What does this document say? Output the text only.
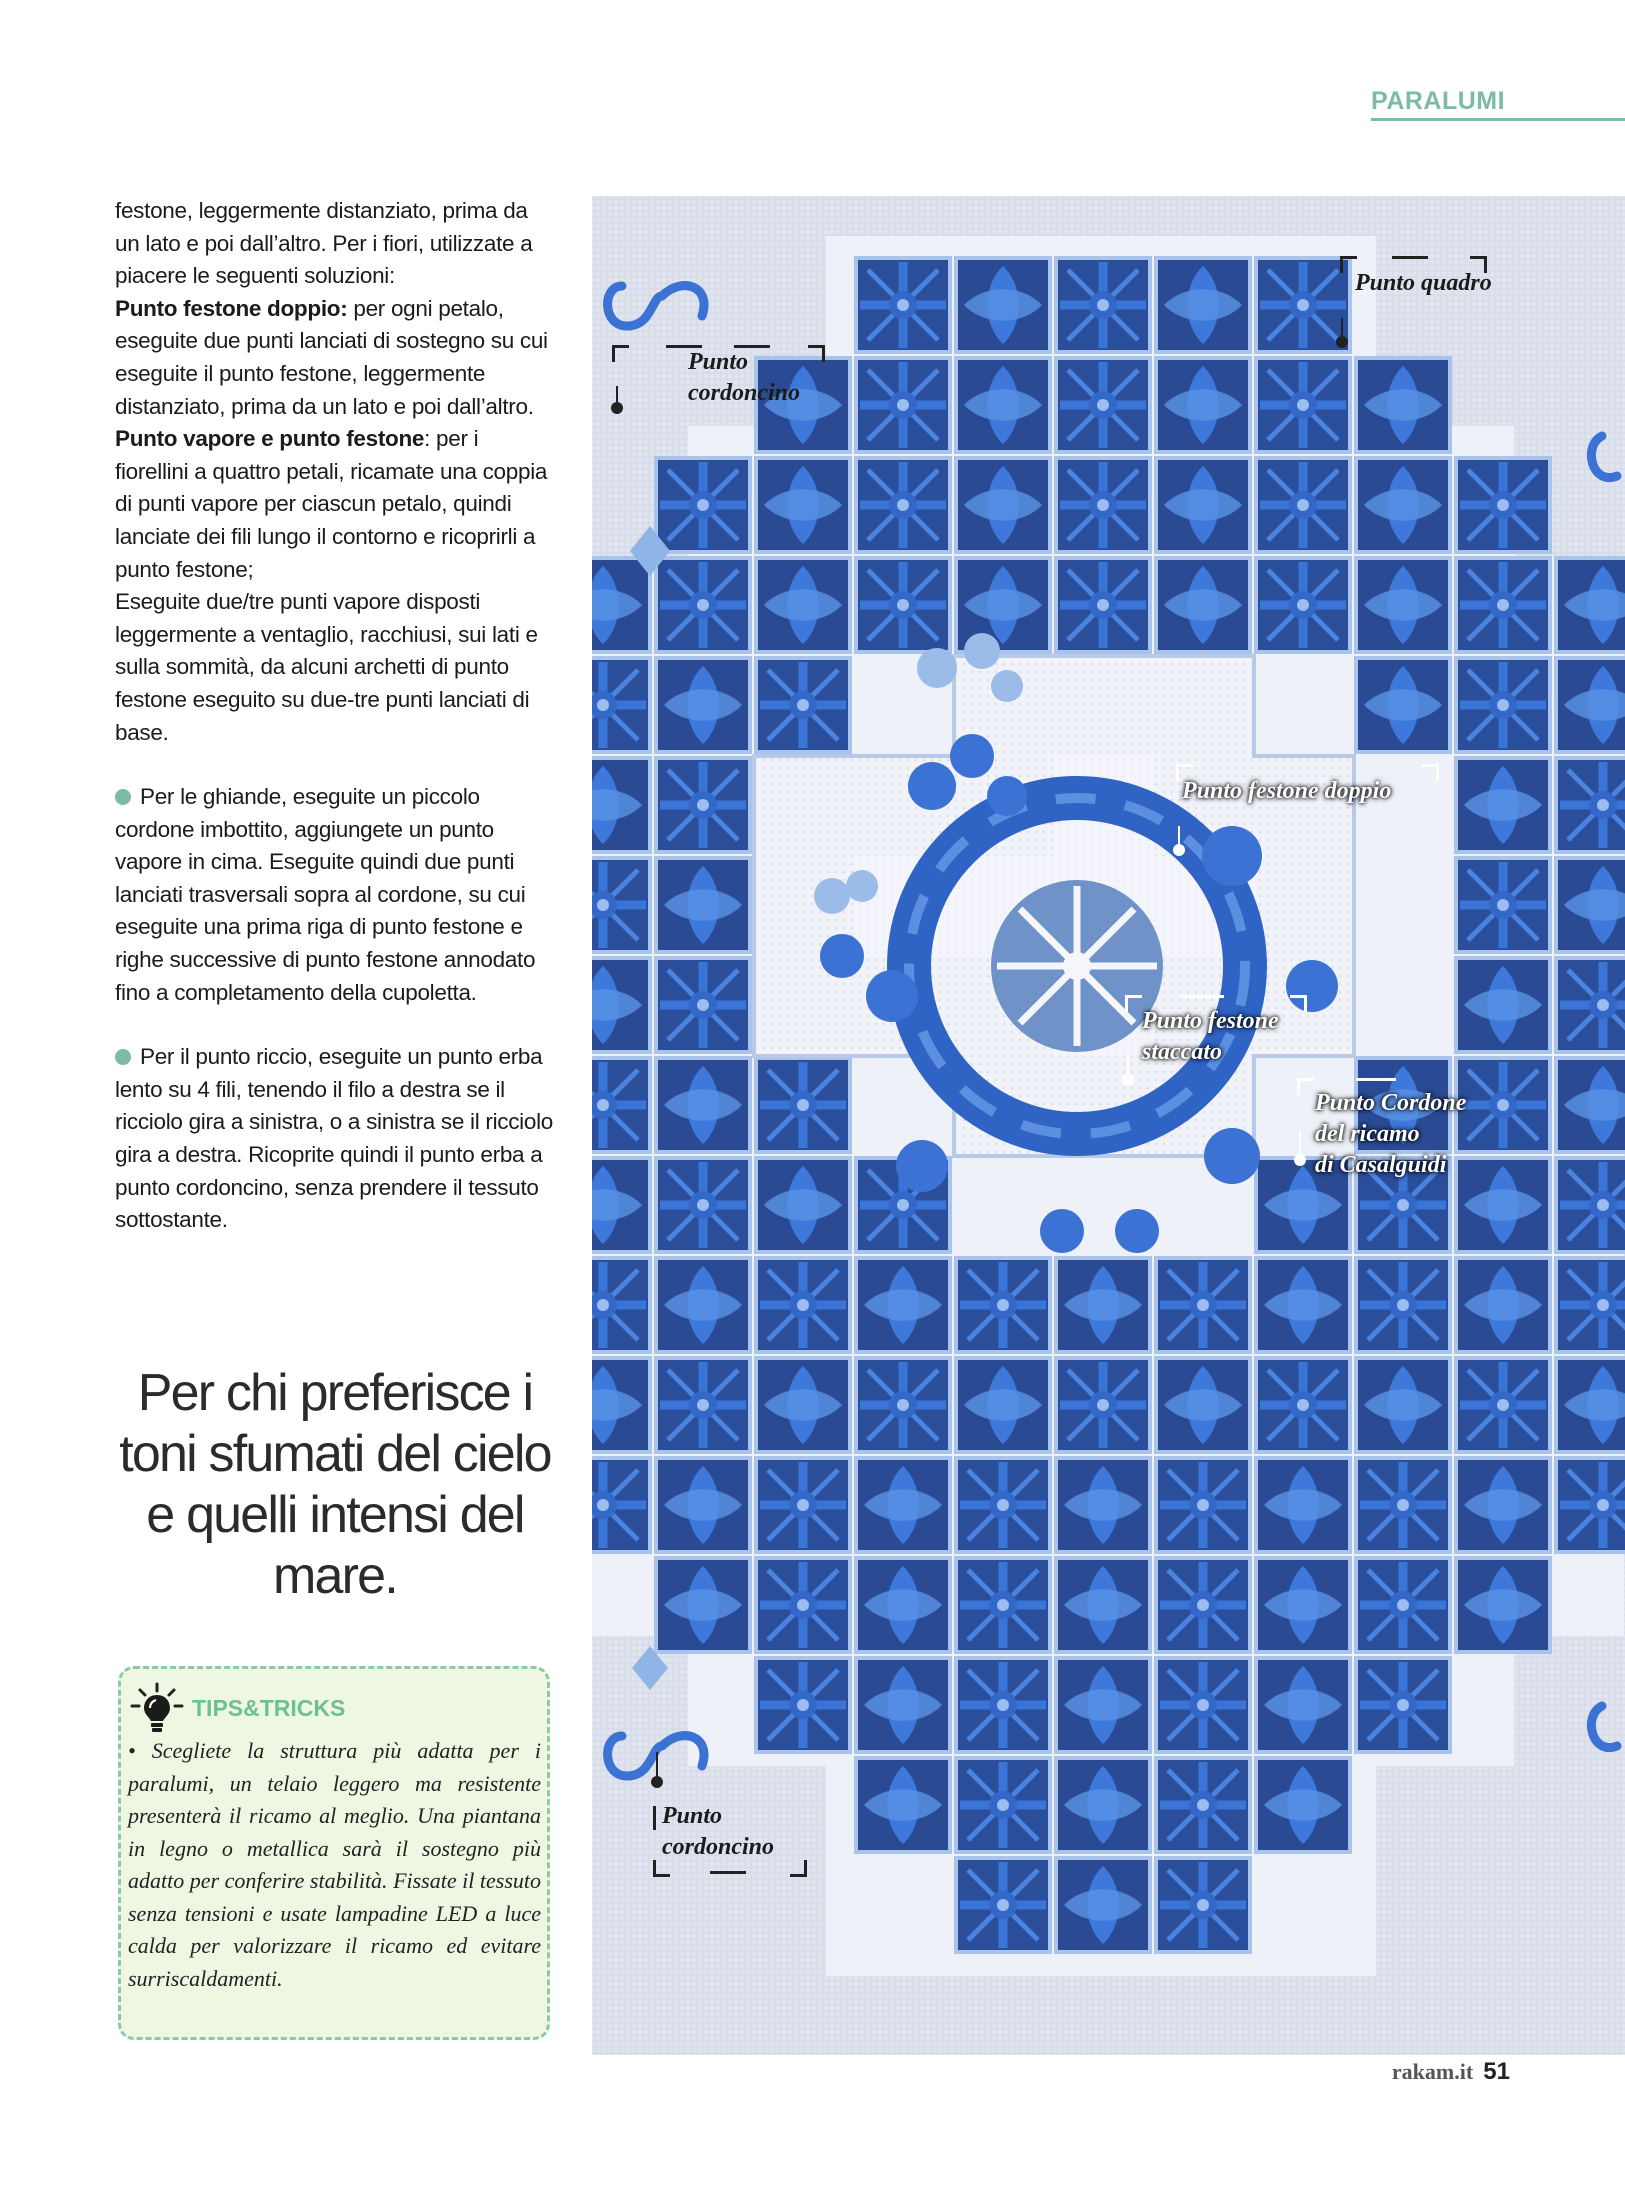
PARALUMI

festone, leggermente distanziato, prima da un lato e poi dall’altro. Per i fiori, utilizzate a piacere le seguenti soluzioni:

Punto festone doppio: per ogni petalo, eseguite due punti lanciati di sostegno su cui eseguite il punto festone, leggermente distanziato, prima da un lato e poi dall’altro.

Punto vapore e punto festone: per i fiorellini a quattro petali, ricamate una coppia di punti vapore per ciascun petalo, quindi lanciate dei fili lungo il contorno e ricoprirli a punto festone;

Eseguite due/tre punti vapore disposti leggermente a ventaglio, racchiusi, sui lati e sulla sommità, da alcuni archetti di punto festone eseguito su due-tre punti lanciati di base.

Per le ghiande, eseguite un piccolo cordone imbottito, aggiungete un punto vapore in cima. Eseguite quindi due punti lanciati trasversali sopra al cordone, su cui eseguite una prima riga di punto festone e righe successive di punto festone annodato fino a completamento della cupoletta.

Per il punto riccio, eseguite un punto erba lento su 4 fili, tenendo il filo a destra se il ricciolo gira a sinistra, o a sinistra se il ricciolo gira a destra. Ricoprite quindi il punto erba a punto cordoncino, senza prendere il tessuto sottostante.

Per chi preferisce i toni sfumati del cielo e quelli intensi del mare.
TIPS&TRICKS
• Scegliete la struttura più adatta per i paralumi, un telaio leggero ma resistente presenterà il ricamo al meglio. Una piantana in legno o metallica sarà il sostegno più adatto per conferire stabilità. Fissate il tessuto senza tensioni e usate lampadine LED a luce calda per valorizzare il ricamo ed evitare surriscaldamenti.
Punto quadro
Punto
cordoncino
Punto festone doppio
Punto festone
staccato
Punto Cordone
del ricamo
di Casalguidi
Punto
cordoncino
rakam.it 51
